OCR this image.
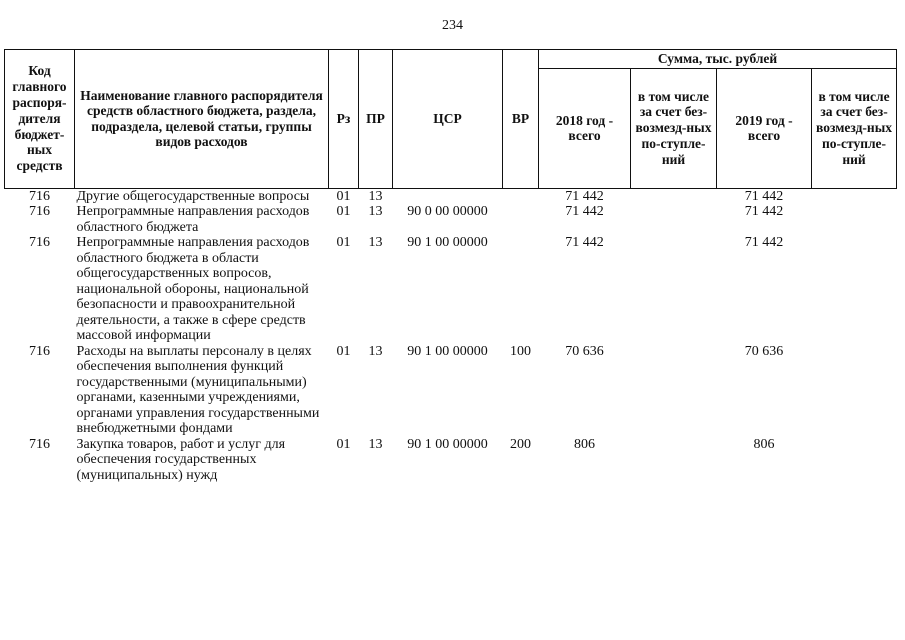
234
Код главного распоря-дителя бюджет-ных средств	Наименование главного распорядителя средств областного бюджета, раздела, подраздела, целевой статьи, группы видов расходов	Рз	ПР	ЦСР	ВР	Сумма, тыс. рублей			
						2018 год - всего	в том числе за счет без-возмезд-ных по-ступле-ний	2019 год - всего	в том числе за счет без-возмезд-ных по-ступле-ний
716	Другие общегосударственные вопросы	01	13			71 442		71 442	
716	Непрограммные направления расходов областного бюджета	01	13	90 0 00 00000		71 442		71 442	
716	Непрограммные направления расходов областного бюджета в области общегосударственных вопросов, национальной обороны, национальной безопасности и правоохранительной деятельности, а также в сфере средств массовой информации	01	13	90 1 00 00000		71 442		71 442	
716	Расходы на выплаты персоналу в целях обеспечения выполнения функций государственными (муниципальными) органами, казенными учреждениями, органами управления государственными внебюджетными фондами	01	13	90 1 00 00000	100	70 636		70 636	
716	Закупка товаров, работ и услуг для обеспечения государственных (муниципальных) нужд	01	13	90 1 00 00000	200	806		806	
